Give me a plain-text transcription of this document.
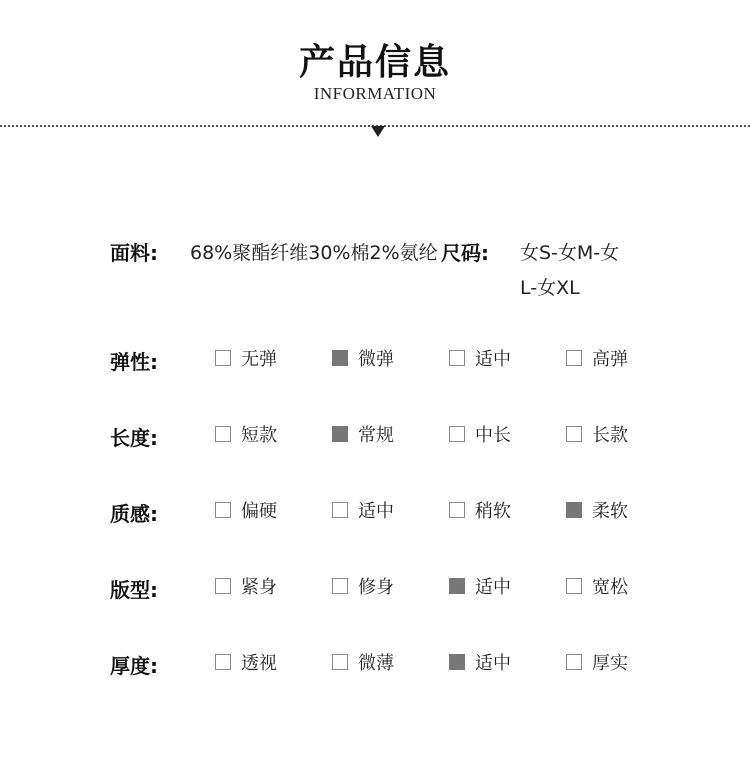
产品信息
INFORMATION
面料: 68%聚酯纤维30%棉2%氨纶 尺码: 女S-女M-女
L-女XL
弹性:	无弹	微弹	适中	高弹
长度:	短款	常规	中长	长款
质感:	偏硬	适中	稍软	柔软
版型:	紧身	修身	适中	宽松
厚度:	透视	微薄	适中	厚实
